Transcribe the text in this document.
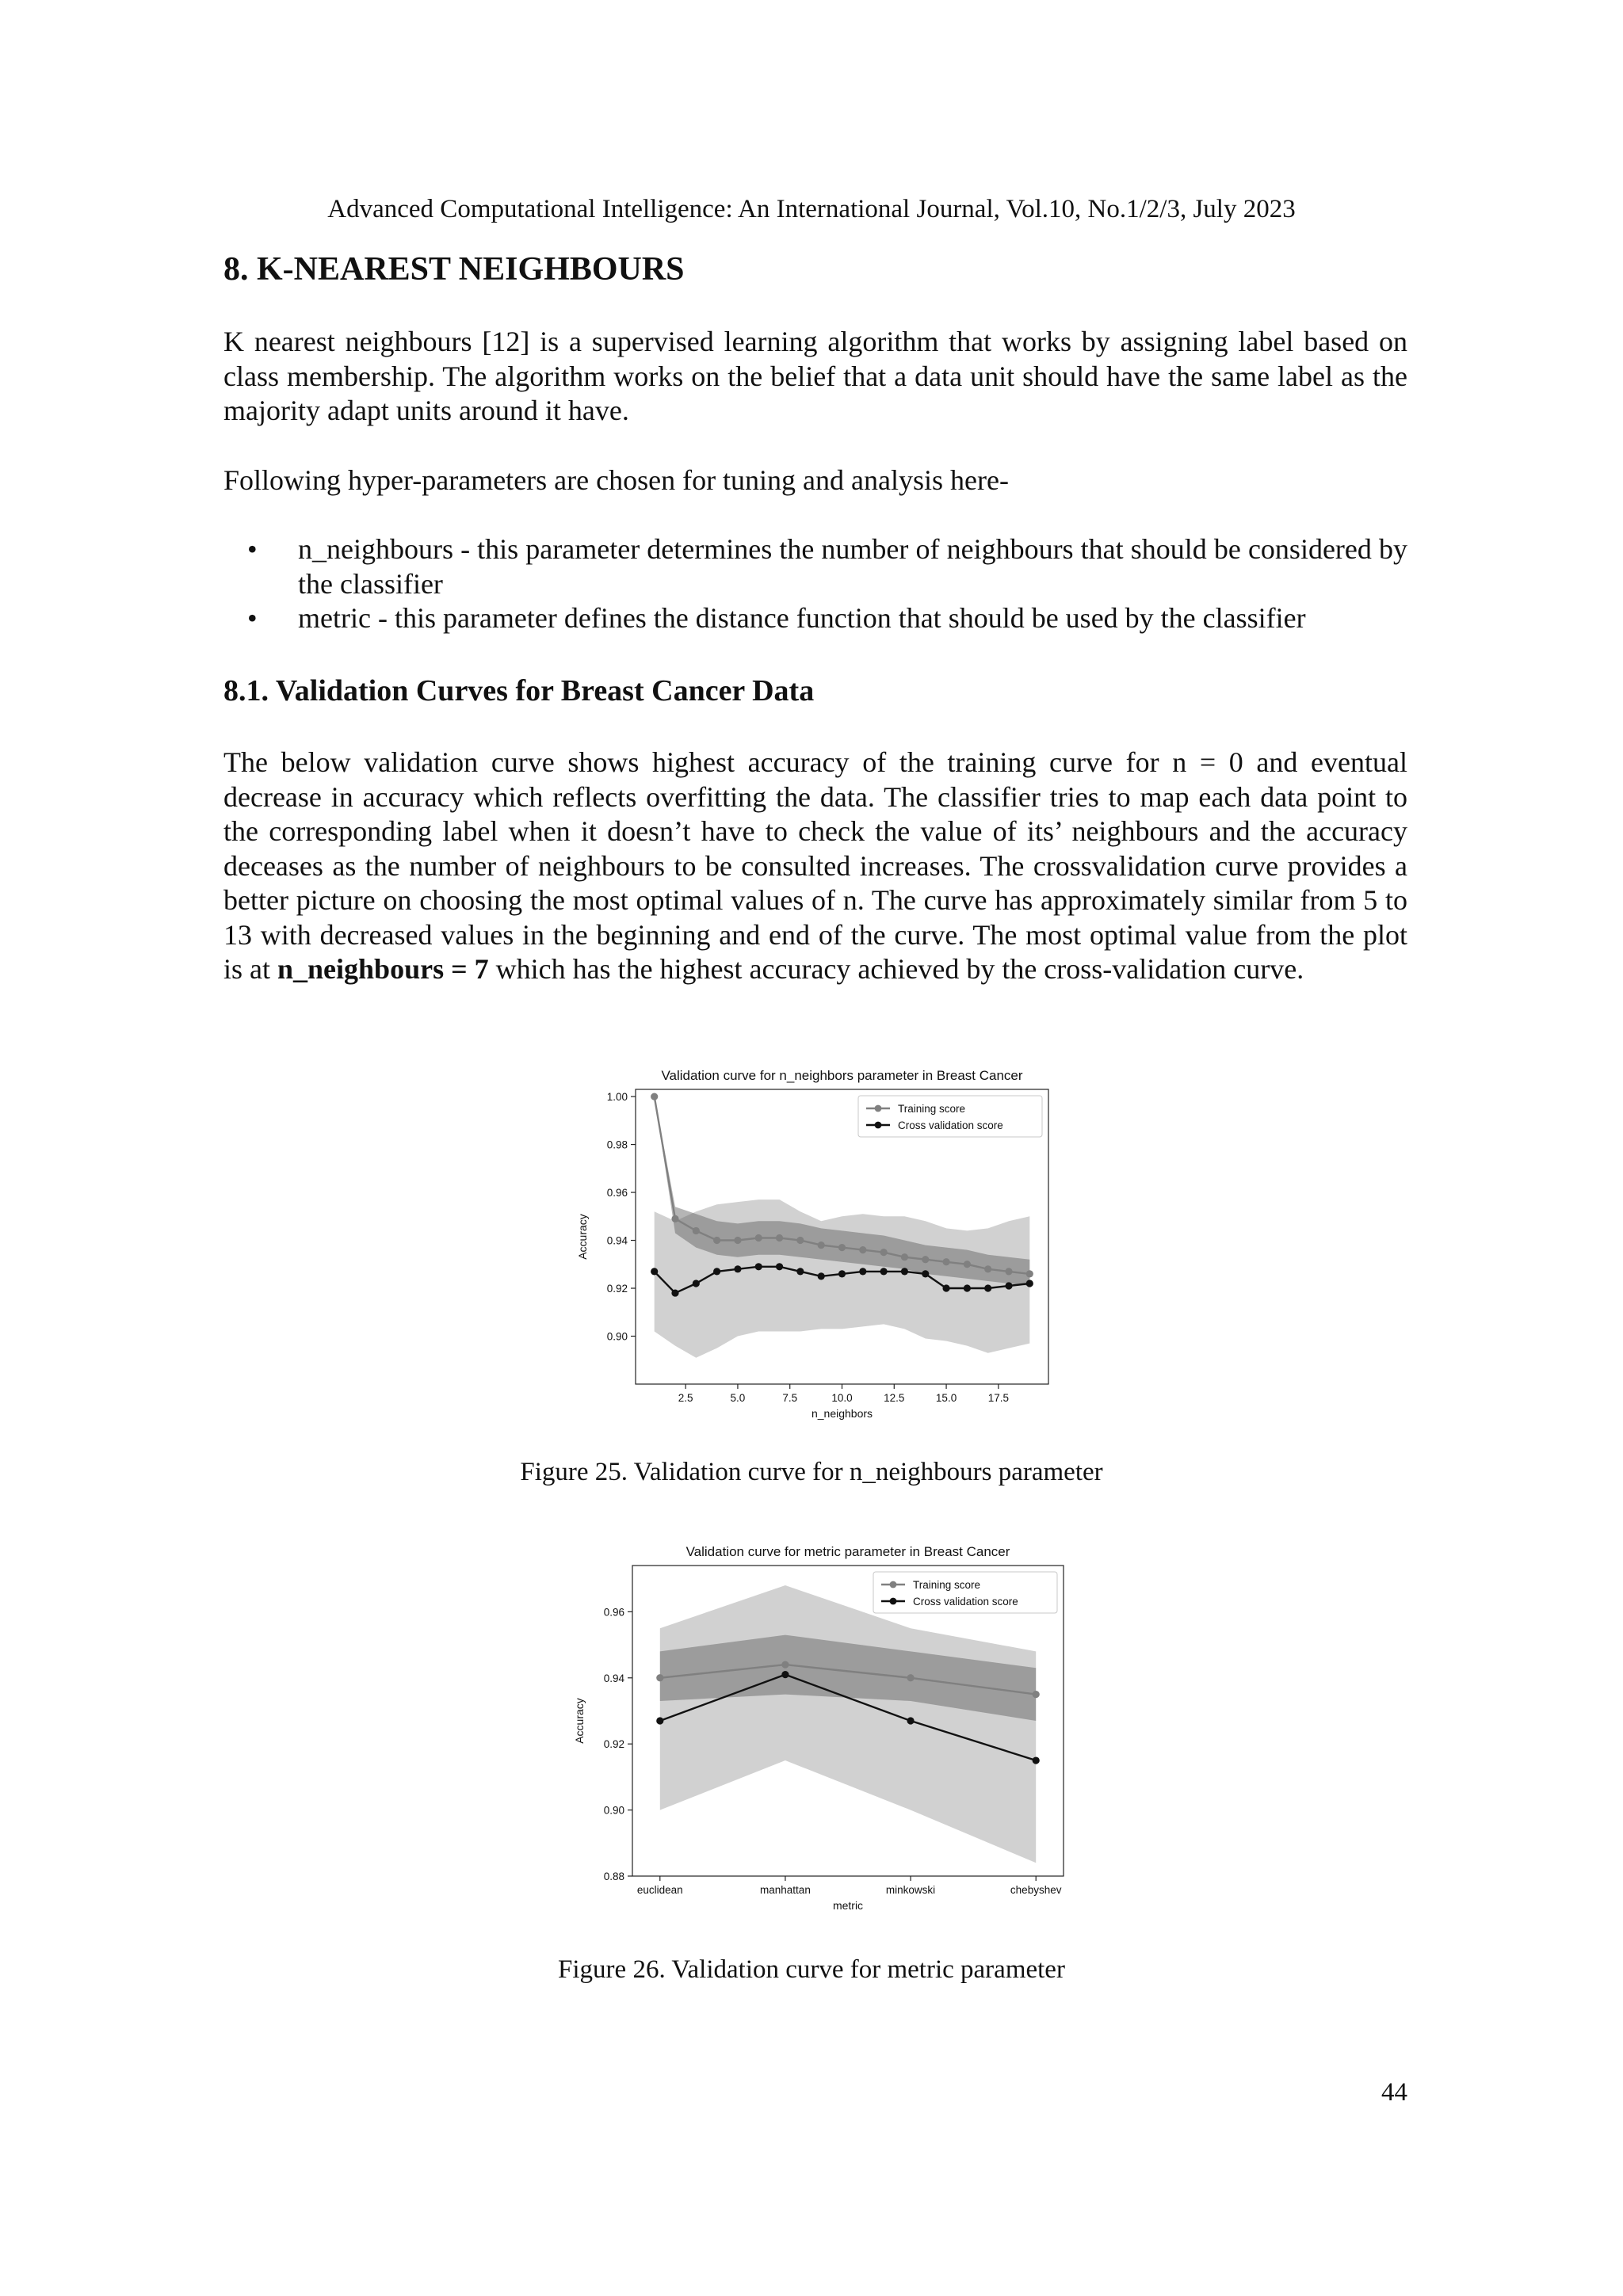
Advanced Computational Intelligence: An International Journal, Vol.10, No.1/2/3, July 2023
8. K-NEAREST NEIGHBOURS

K nearest neighbours [12] is a supervised learning algorithm that works by assigning label based on class membership. The algorithm works on the belief that a data unit should have the same label as the majority adapt units around it have.

Following hyper-parameters are chosen for tuning and analysis here-

• n_neighbours - this parameter determines the number of neighbours that should be considered by the classifier
• metric - this parameter defines the distance function that should be used by the classifier
8.1. Validation Curves for Breast Cancer Data

The below validation curve shows highest accuracy of the training curve for n = 0 and eventual decrease in accuracy which reflects overfitting the data. The classifier tries to map each data point to the corresponding label when it doesn’t have to check the value of its’ neighbours and the accuracy deceases as the number of neighbours to be consulted increases. The crossvalidation curve provides a better picture on choosing the most optimal values of n. The curve has approximately similar from 5 to 13 with decreased values in the beginning and end of the curve. The most optimal value from the plot is at n_neighbours = 7 which has the highest accuracy achieved by the cross-validation curve.

Validation curve for n_neighbors parameter in Breast Cancer
0.90
0.92
0.94
0.96
0.98
1.00
2.5	5.0	7.5	10.0	12.5	15.0	17.5
n_neighbors
Accuracy
Training score
Cross validation score
Figure 25. Validation curve for n_neighbours parameter
Validation curve for metric parameter in Breast Cancer
0.88
0.90
0.92
0.94
0.96
euclidean	manhattan	minkowski	chebyshev
metric
Accuracy
Training score
Cross validation score
Figure 26. Validation curve for metric parameter
44
